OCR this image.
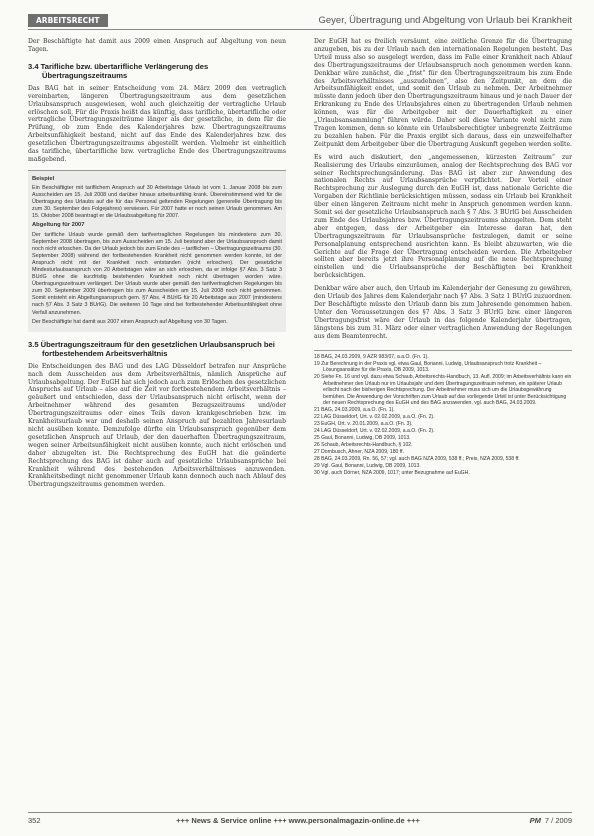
ARBEITSRECHT	Geyer, Übertragung und Abgeltung von Urlaub bei Krankheit

Der Beschäftigte hat damit aus 2009 einen Anspruch auf Abgeltung von neun Tagen.

3.4 Tarifliche bzw. übertarifliche Verlängerung des Übertragungszeitraums

Das BAG hat in seiner Entscheidung vom 24. März 2009 den vertraglich vereinbarten, längeren Übertragungszeitraum aus dem gesetzlichen Urlaubsanspruch ausgewiesen, wohl auch gleichzeitig der vertragliche Urlaub erlöschen soll. Für die Praxis heißt das künftig, dass tarifliche, übertarifliche oder vertragliche Übertragungszeiträume länger als der gesetzliche, in dem für die Prüfung, ob zum Ende des Kalenderjahres bzw. Übertragungszeitraums Arbeitsunfähigkeit bestand, nicht auf das Ende des Kalenderjahres bzw. des gesetzlichen Übertragungszeitraums abgestellt werden. Vielmehr ist einheitlich das tarifliche, übertarifliche bzw. vertragliche Ende des Übertragungszeitraums maßgebend.

Beispiel

Ein Beschäftigter mit tariflichem Anspruch auf 30 Arbeitstage Urlaub ist vom 1. Januar 2008 bis zum Ausscheiden am 15. Juli 2008 und darüber hinaus arbeitsunfähig krank. Übereinstimmend wird für die Übertragung des Urlaubs auf die für das Personal geltenden Regelungen (generelle Übertragung bis zum 30. September des Folgejahres) verwiesen. Für 2007 hatte er noch seinen Urlaub genommen. Am 15. Oktober 2008 beantragt er die Urlaubsabgeltung für 2007.

Abgeltung für 2007

Der tarifliche Urlaub wurde gemäß dem tarifvertraglichen Regelungen bis mindestens zum 30. September 2008 übertragen, bis zum Ausscheiden am 15. Juli bestand aber der Urlaubsanspruch damit noch nicht erloschen. Da der Urlaub jedoch bis zum Ende des – tariflichen – Übertragungszeitraums (30. September 2008) während der fortbestehenden Krankheit nicht genommen werden konnte, ist der Anspruch nicht mit der Krankheit noch entstanden (nicht erloschen). Der gesetzliche Mindesturlaubsanspruch von 20 Arbeitstagen wäre an sich erloschen, da er infolge §7 Abs. 3 Satz 3 BUrlG ohne die kurzfristig bestehenden Krankheit noch nicht übertragen worden wäre. Übertragungszeitraum verlängert. Der Urlaub wurde aber gemäß den tarifvertraglichen Regelungen bis zum 30. September 2009 übertragen bis zum Ausscheiden am 15. Juli 2008 noch nicht genommen. Somit entsteht ein Abgeltungsanspruch gem. §7 Abs. 4 BUrlG für 20 Arbeitstage aus 2007 (mindestens nach §7 Abs. 3 Satz 3 BUrlG). Die weiteren 10 Tage sind bei fortbestehender Arbeitsunfähigkeit ohne Verfall anzunehmen.

Der Beschäftigte hat damit aus 2007 einen Anspruch auf Abgeltung von 30 Tagen.

3.5 Übertragungszeitraum für den gesetzlichen Urlaubsanspruch bei fortbestehendem Arbeitsverhältnis

Die Entscheidungen des BAG und des LAG Düsseldorf betrafen nur Ansprüche nach dem Ausscheiden aus dem Arbeitsverhältnis, nämlich Ansprüche auf Urlaubsabgeltung. Der EuGH hat sich jedoch auch zum Erlöschen des gesetzlichen Anspruchs auf Urlaub – also auf die Zeit vor fortbestehendem Arbeitsverhältnis – geäußert und entschieden, dass der Urlaubsanspruch nicht erlischt, wenn der Arbeitnehmer während des gesamten Bezugszeitraums und/oder Übertragungszeitraums oder eines Teils davon krankgeschrieben bzw. im Krankheitsurlaub war und deshalb seinen Anspruch auf bezahlten Jahresurlaub nicht ausüben konnte. Demzufolge dürfte ein Urlaubsanspruch gegenüber dem gesetzlichen Anspruch auf Urlaub, der den dauerhaften Übertragungszeitraum, wegen seiner Arbeitsunfähigkeit nicht ausüben konnte, auch nicht erlöschen und daher abzugelten ist. Die Rechtsprechung des EuGH hat die geänderte Rechtsprechung des BAG ist daher auch auf gesetzliche Urlaubsansprüche bei Krankheit während des bestehenden Arbeitsverhältnisses anzuwenden. Krankheitsbedingt nicht genommener Urlaub kann dennoch auch nach Ablauf des Übertragungszeitraums genommen werden.

Der EuGH hat es freilich versäumt, eine zeitliche Grenze für die Übertragung anzugeben, bis zu der Urlaub nach den internationalen Regelungen besteht. Das Urteil muss also so ausgelegt werden, dass im Falle einer Krankheit nach Ablauf des Übertragungszeitraums der Urlaubsanspruch noch genommen werden kann. Denkbar wäre zunächst, die „frist“ für den Übertragungszeitraum bis zum Ende des Arbeitsverhältnisses „auszudehnen“, also den Zeitpunkt, an dem die Arbeitsunfähigkeit endet, und somit den Urlaub zu nehmen. Der Arbeitnehmer müsste dann jedoch über den Übertragungszeitraum hinaus und je nach Dauer der Erkrankung zu Ende des Urlaubsjahres einen zu übertragenden Urlaub nehmen können, was für die Arbeitgeber mit der Dauerhaftigkeit zu einer „Urlaubsansammlung“ führen würde. Daher soll diese Variante wohl nicht zum Tragen kommen, denn so könnte ein Urlaubsberechtigter unbegrenzte Zeiträume zu bezahlen haben. Für die Praxis ergibt sich daraus, dass ein unzweifelhafter Zeitpunkt dem Arbeitgeber über die Übertragung Auskunft gegeben werden sollte.

Es wird auch diskutiert, den „angemessenen, kürzesten Zeitraum“ zur Realisierung des Urlaubs einzuräumen, analog der Rechtsprechung des BAG vor seiner Rechtsprechungsänderung. Das BAG ist aber zur Anwendung des nationalen Rechts auf Urlaubsansprüche verpflichtet. Der Vorteil einer Rechtsprechung zur Auslegung durch den EuGH ist, dass nationale Gerichte die Vorgaben der Richtlinie berücksichtigen müssen, sodass ein Urlaub bei Krankheit über einen längeren Zeitraum nicht mehr in Anspruch genommen werden kann. Somit sei der gesetzliche Urlaubsanspruch nach § 7 Abs. 3 BUrlG bei Ausscheiden zum Ende des Urlaubsjahres bzw. Übertragungszeitraums abzugelten. Dem steht aber entgegen, dass der Arbeitgeber ein Interesse daran hat, den Übertragungszeitraum für Urlaubsansprüche festzulegen, damit er seine Personalplanung entsprechend ausrichten kann. Es bleibt abzuwarten, wie die Gerichte auf die Frage der Übertragung entscheiden werden. Die Arbeitgeber sollten aber bereits jetzt ihre Personalplanung auf die neue Rechtsprechung einstellen und die Urlaubsansprüche der Beschäftigten bei Krankheit berücksichtigen.

Denkbar wäre aber auch, den Urlaub im Kalenderjahr der Genesung zu gewähren, den Urlaub des Jahres dem Kalenderjahr nach §7 Abs. 3 Satz 1 BUrlG zuzuordnen. Der Beschäftigte müsste den Urlaub dann bis zum Jahresende genommen haben. Unter den Voraussetzungen des §7 Abs. 3 Satz 3 BUrlG bzw. einer längeren Übertragungsfrist wäre der Urlaub in das folgende Kalenderjahr übertragen, längstens bis zum 31. März oder einer vertraglichen Anwendung der Regelungen aus dem Beamtenrecht.

18 BAG, 24.03.2009, 9 AZR 983/07, a.a.O. (Fn. 1).
19 Zur Berechnung in der Praxis vgl. etwa Gaul, Bonanni, Ludwig, Urlaubsanspruch trotz Krankheit – Lösungsansätze für die Praxis, DB 2009, 1013.
20 Siehe Fn. 16 und vgl. dazu etwa Schaub, Arbeitsrechts-Handbuch, 13. Aufl. 2009; im Arbeitsverhältnis kann ein Arbeitnehmer den Urlaub nur im Urlaubsjahr und dem Übertragungszeitraum nehmen, ein späterer Urlaub erlischt nach der bisherigen Rechtsprechung. Der Arbeitnehmer muss sich um die Urlaubsgewährung bemühen. Die Anwendung der Vorschriften zum Urlaub auf das vorliegende Urteil ist unter Berücksichtigung der neuen Rechtsprechung des EuGH und des BAG anzuwenden, vgl. auch BAG, 24.03.2009.
21 BAG, 24.03.2009, a.a.O. (Fn. 1).
22 LAG Düsseldorf, Urt. v. 02.02.2009, a.a.O. (Fn. 2).
23 EuGH, Urt. v. 20.01.2009, a.a.O. (Fn. 3).
24 LAG Düsseldorf, Urt. v. 02.02.2009, a.a.O. (Fn. 2).
25 Gaul, Bonanni, Ludwig, DB 2009, 1013.
26 Schaub, Arbeitsrechts-Handbuch, § 102.
27 Dornbusch, Ahner, NZA 2009, 180 ff.
28 BAG, 24.03.2009, Rn. 56, 57; vgl. auch BAG NZA 2009, 538 ff.; Preis, NZA 2009, 538 ff.
29 Vgl. Gaul, Bonanni, Ludwig, DB 2009, 1013.
30 Vgl. auch Dörner, NZA 2009, 1017; unter Bezugnahme auf EuGH.
352	+++ News & Service online +++ www.personalmagazin-online.de +++	PM 7 / 2009
